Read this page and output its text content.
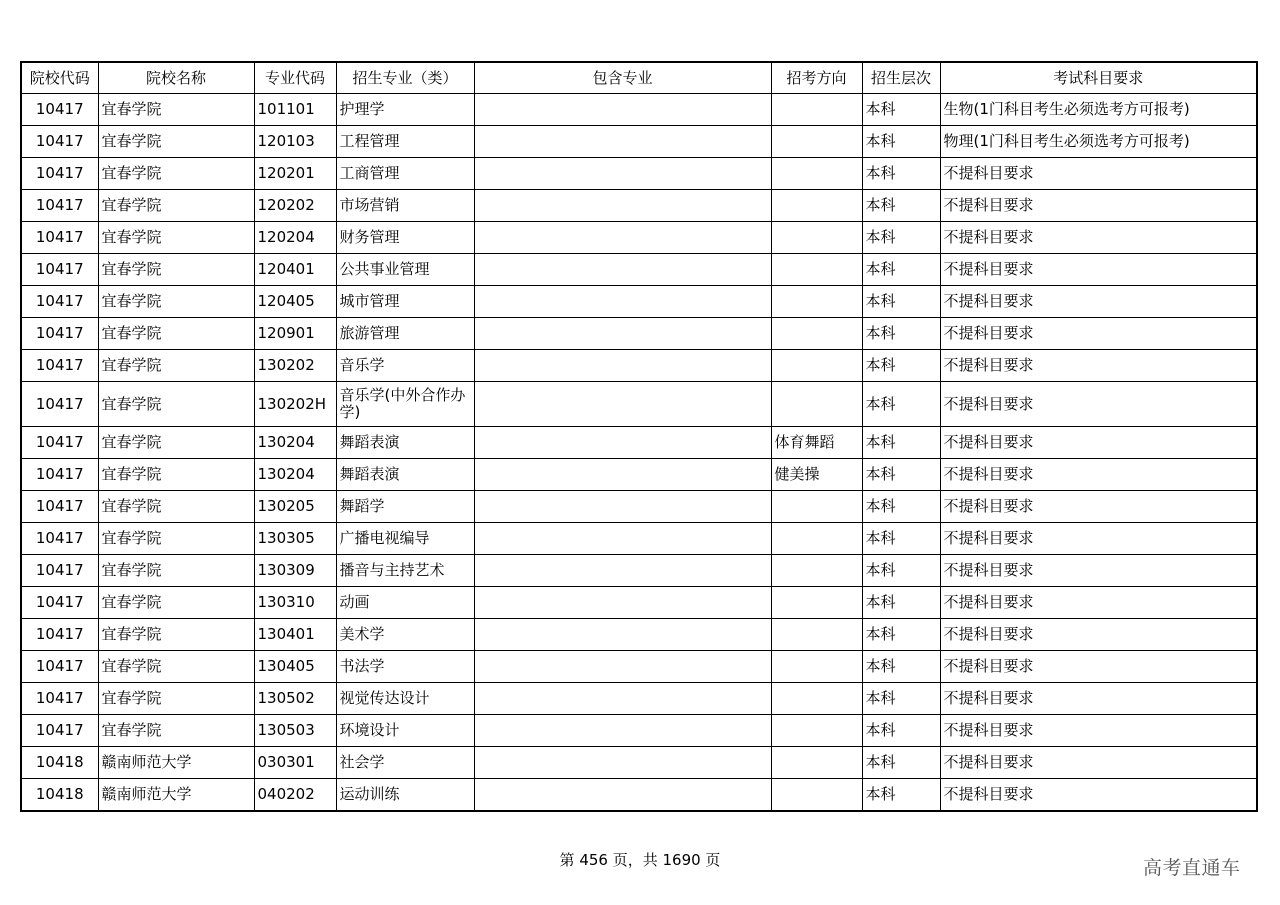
院校代码	院校名称	专业代码	招生专业（类）	包含专业	招考方向	招生层次	考试科目要求
10417	宜春学院	101101	护理学			本科	生物(1门科目考生必须选考方可报考)
10417	宜春学院	120103	工程管理			本科	物理(1门科目考生必须选考方可报考)
10417	宜春学院	120201	工商管理			本科	不提科目要求
10417	宜春学院	120202	市场营销			本科	不提科目要求
10417	宜春学院	120204	财务管理			本科	不提科目要求
10417	宜春学院	120401	公共事业管理			本科	不提科目要求
10417	宜春学院	120405	城市管理			本科	不提科目要求
10417	宜春学院	120901	旅游管理			本科	不提科目要求
10417	宜春学院	130202	音乐学			本科	不提科目要求
10417	宜春学院	130202H	音乐学(中外合作办学)			本科	不提科目要求
10417	宜春学院	130204	舞蹈表演		体育舞蹈	本科	不提科目要求
10417	宜春学院	130204	舞蹈表演		健美操	本科	不提科目要求
10417	宜春学院	130205	舞蹈学			本科	不提科目要求
10417	宜春学院	130305	广播电视编导			本科	不提科目要求
10417	宜春学院	130309	播音与主持艺术			本科	不提科目要求
10417	宜春学院	130310	动画			本科	不提科目要求
10417	宜春学院	130401	美术学			本科	不提科目要求
10417	宜春学院	130405	书法学			本科	不提科目要求
10417	宜春学院	130502	视觉传达设计			本科	不提科目要求
10417	宜春学院	130503	环境设计			本科	不提科目要求
10418	赣南师范大学	030301	社会学			本科	不提科目要求
10418	赣南师范大学	040202	运动训练			本科	不提科目要求
第 456 页，共 1690 页	高考直通车
